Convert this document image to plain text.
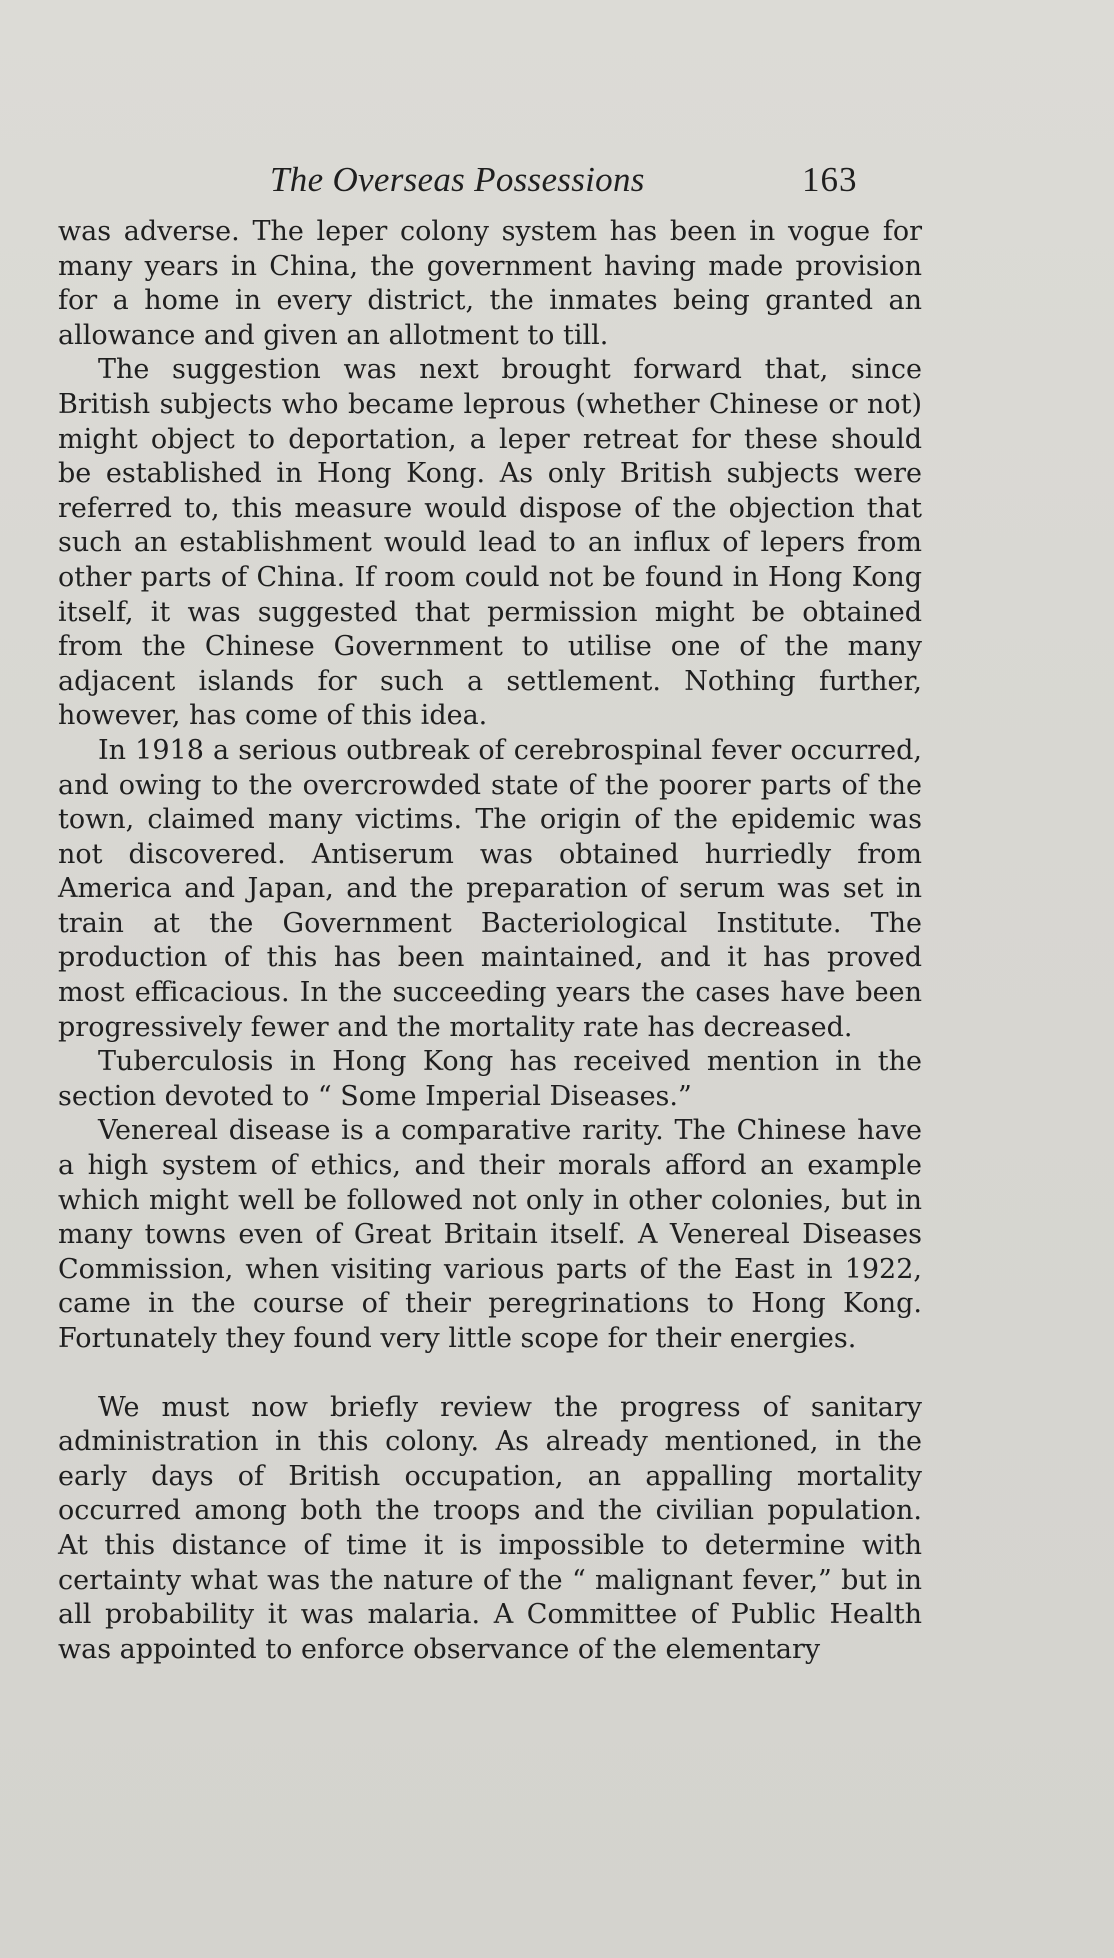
The Overseas Possessions	163

was adverse. The leper colony system has been in vogue for many years in China, the government having made provision for a home in every district, the inmates being granted an allowance and given an allotment to till.

The suggestion was next brought forward that, since British subjects who became leprous (whether Chinese or not) might object to deportation, a leper retreat for these should be established in Hong Kong. As only British subjects were referred to, this measure would dispose of the objection that such an establishment would lead to an influx of lepers from other parts of China. If room could not be found in Hong Kong itself, it was suggested that permission might be obtained from the Chinese Government to utilise one of the many adjacent islands for such a settlement. Nothing further, however, has come of this idea.

In 1918 a serious outbreak of cerebrospinal fever occurred, and owing to the overcrowded state of the poorer parts of the town, claimed many victims. The origin of the epidemic was not discovered. Antiserum was obtained hurriedly from America and Japan, and the preparation of serum was set in train at the Government Bacteriological Institute. The production of this has been maintained, and it has proved most efficacious. In the succeeding years the cases have been progressively fewer and the mortality rate has decreased.

Tuberculosis in Hong Kong has received mention in the section devoted to “ Some Imperial Diseases.”

Venereal disease is a comparative rarity. The Chinese have a high system of ethics, and their morals afford an example which might well be followed not only in other colonies, but in many towns even of Great Britain itself. A Venereal Diseases Commission, when visiting various parts of the East in 1922, came in the course of their peregrinations to Hong Kong. Fortunately they found very little scope for their energies.

We must now briefly review the progress of sanitary administration in this colony. As already mentioned, in the early days of British occupation, an appalling mortality occurred among both the troops and the civilian population. At this distance of time it is impossible to determine with certainty what was the nature of the “ malignant fever,” but in all probability it was malaria. A Committee of Public Health was appointed to enforce observance of the elementary
